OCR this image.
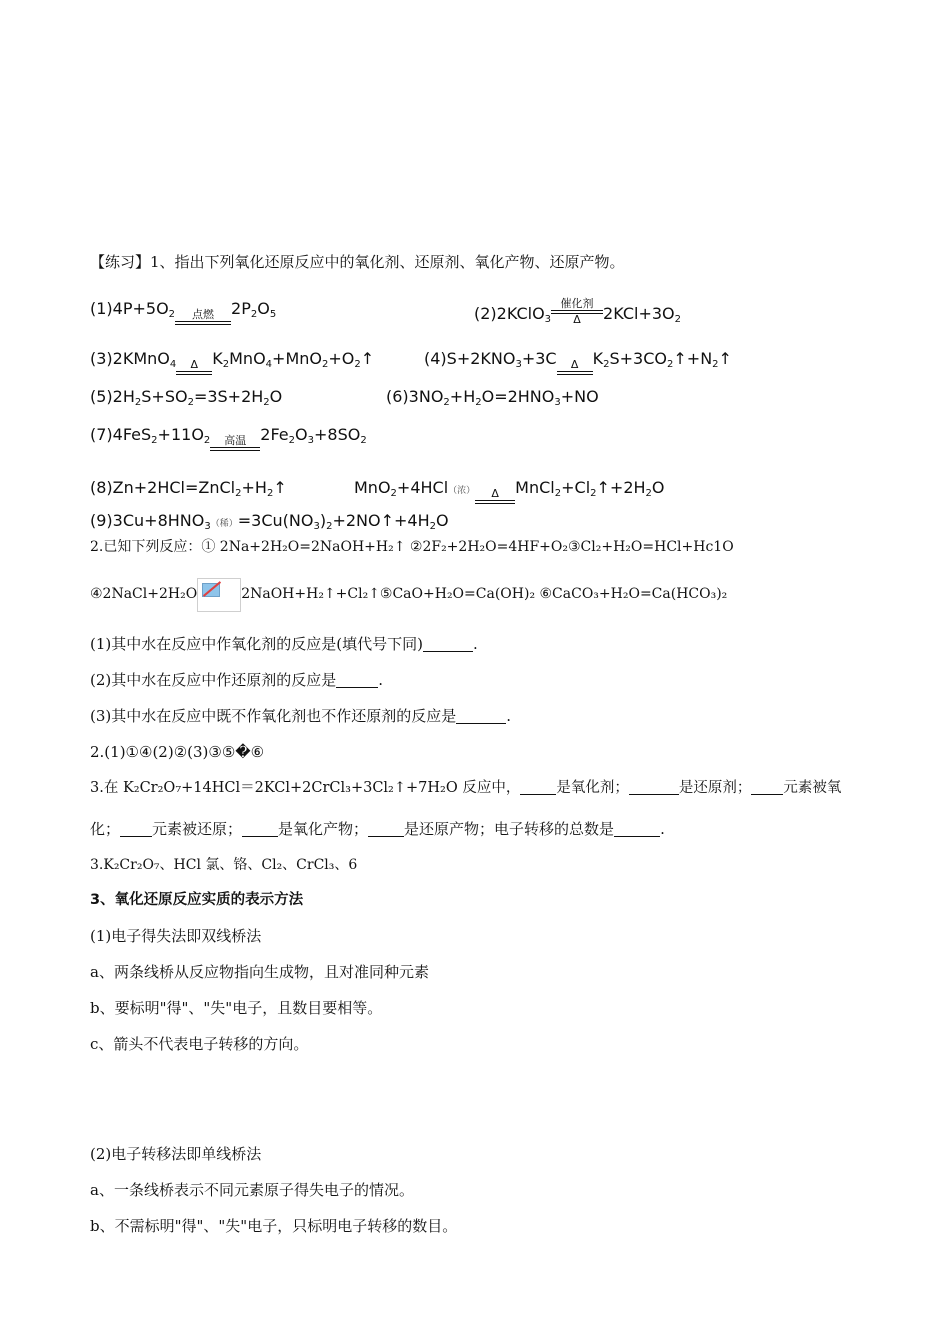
【练习】1、指出下列氧化还原反应中的氧化剂、还原剂、氧化产物、还原产物。
$(1)4P+5O_2$	点燃	$2P_2O_5$	(2)2KClO$_3$
催化剂
Δ	$2KCl+3O_2$
(3)2KMnO$_4$	Δ $K_2MnO_4+MnO_2+O_2↑$	$(4)S+2KNO_3+3C$	Δ $K_2S+3CO_2↑+N_2↑$
$(5)2H_2S+SO_2=3S+2H_2O$	$(6)3NO_2+H_2O=2HNO_3+NO$
$(7)4FeS_2+11O_2$	高温 $2Fe_2O_3+8SO_2$
$(8)Zn+2HCl=ZnCl_2+H_2↑$	MnO$_2$+4HCl（浓）	Δ	$MnCl_2+Cl_2↑+2H_2O$
$(9)3Cu+8HNO_3$（稀）$=3Cu(NO_3)_2+2NO↑+4H_2O$
2.已知下列反应：① 2Na+2H₂O=2NaOH+H₂↑ ②2F₂+2H₂O=4HF+O₂③Cl₂+H₂O=HCl+Hc1O
④2NaCl+2H₂O	2NaOH+H₂↑+Cl₂↑⑤CaO+H₂O=Ca(OH)₂ ⑥CaCO₃+H₂O=Ca(HCO₃)₂
(1)其中水在反应中作氧化剂的反应是(填代号下同)	.
(2)其中水在反应中作还原剂的反应是	.
(3)其中水在反应中既不作氧化剂也不作还原剂的反应是	.
2.(1)①④(2)②(3)③⑤�⑥
3.在 K₂Cr₂O₇+14HCl＝2KCl+2CrCl₃+3Cl₂↑+7H₂O 反应中， 是氧化剂；	是还原剂； 元素被氧
化； 元素被还原； 是氧化产物； 是还原产物；电子转移的总数是	.
3.K₂Cr₂O₇、HCl 氯、铬、Cl₂、CrCl₃、6
3、氧化还原反应实质的表示方法
(1)电子得失法即双线桥法
a、两条线桥从反应物指向生成物，且对准同种元素
b、要标明"得"、"失"电子，且数目要相等。
c、箭头不代表电子转移的方向。
(2)电子转移法即单线桥法
a、一条线桥表示不同元素原子得失电子的情况。
b、不需标明"得"、"失"电子，只标明电子转移的数目。
